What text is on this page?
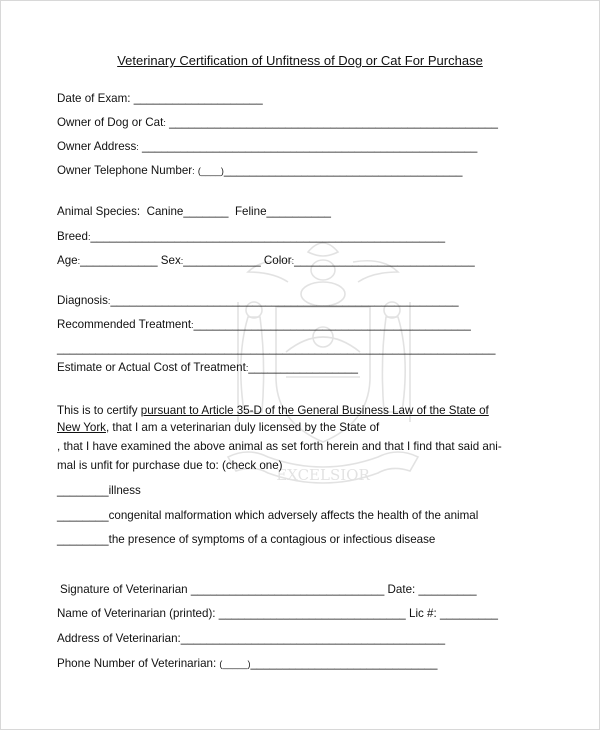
EXCELSIOR
Veterinary Certification of Unfitness of Dog or Cat For Purchase
Date of Exam: ____________________
Owner of Dog or Cat: ___________________________________________________
Owner Address: ____________________________________________________
Owner Telephone Number: (____)_____________________________________
Animal Species: Canine_______ Feline__________
Breed:_______________________________________________________
Age:____________ Sex:____________ Color:____________________________
Diagnosis:______________________________________________________
Recommended Treatment:___________________________________________
____________________________________________________________________
Estimate or Actual Cost of Treatment:_________________
This is to certify pursuant to Article 35-D of the General Business Law of the State of
New York, that I am a veterinarian duly licensed by the State of
, that I have examined the above animal as set forth herein and that I find that said ani-
mal is unfit for purchase due to: (check one)
________illness
________congenital malformation which adversely affects the health of the animal
________the presence of symptoms of a contagious or infectious disease
Signature of Veterinarian ______________________________ Date: _________
Name of Veterinarian (printed): _____________________________ Lic #: _________
Address of Veterinarian:_________________________________________
Phone Number of Veterinarian: (_____)_____________________________
